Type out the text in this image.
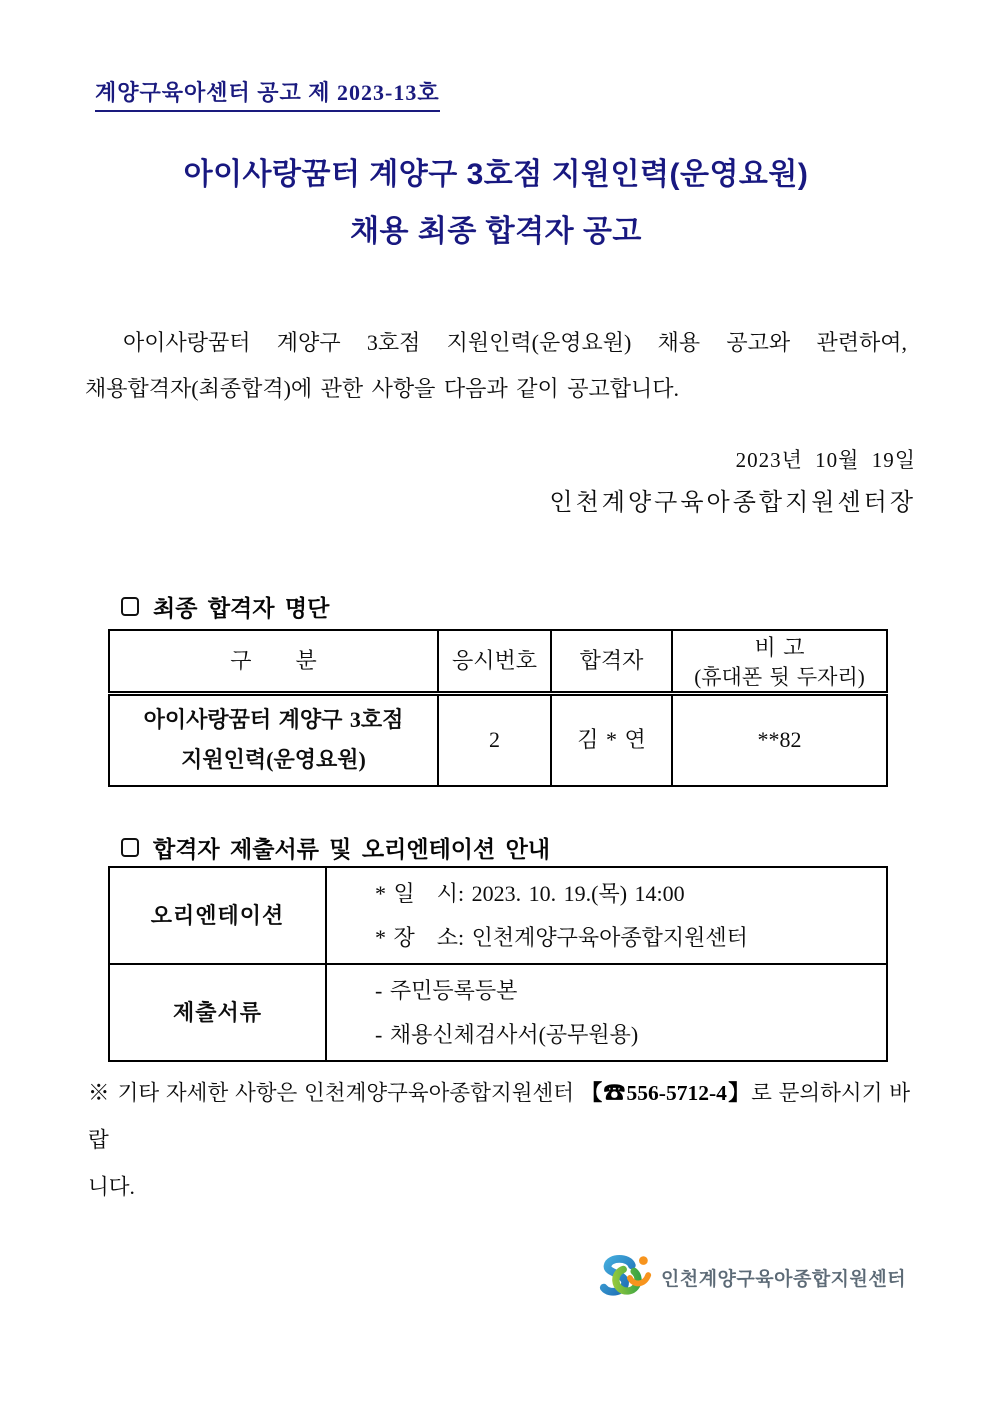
계양구육아센터 공고 제 2023-13호
아이사랑꿈터 계양구 3호점 지원인력(운영요원)
채용 최종 합격자 공고
아이사랑꿈터 계양구 3호점 지원인력(운영요원) 채용 공고와 관련하여,
채용합격자(최종합격)에 관한 사항을 다음과 같이 공고합니다.
2023년 10월 19일
인천계양구육아종합지원센터장
최종 합격자 명단
구　　분	응시번호	합격자	비 고
(휴대폰 뒷 두자리)

아이사랑꿈터 계양구 3호점
지원인력(운영요원)	2	김 * 연	**82
합격자 제출서류 및 오리엔테이션 안내
오리엔테이션	* 일　시: 2023. 10. 19.(목) 14:00
* 장　소: 인천계양구육아종합지원센터

제출서류	- 주민등록등본
- 채용신체검사서(공무원용)
※ 기타 자세한 사항은 인천계양구육아종합지원센터 【☎556-5712-4】로 문의하시기 바랍
니다.
인천계양구육아종합지원센터
